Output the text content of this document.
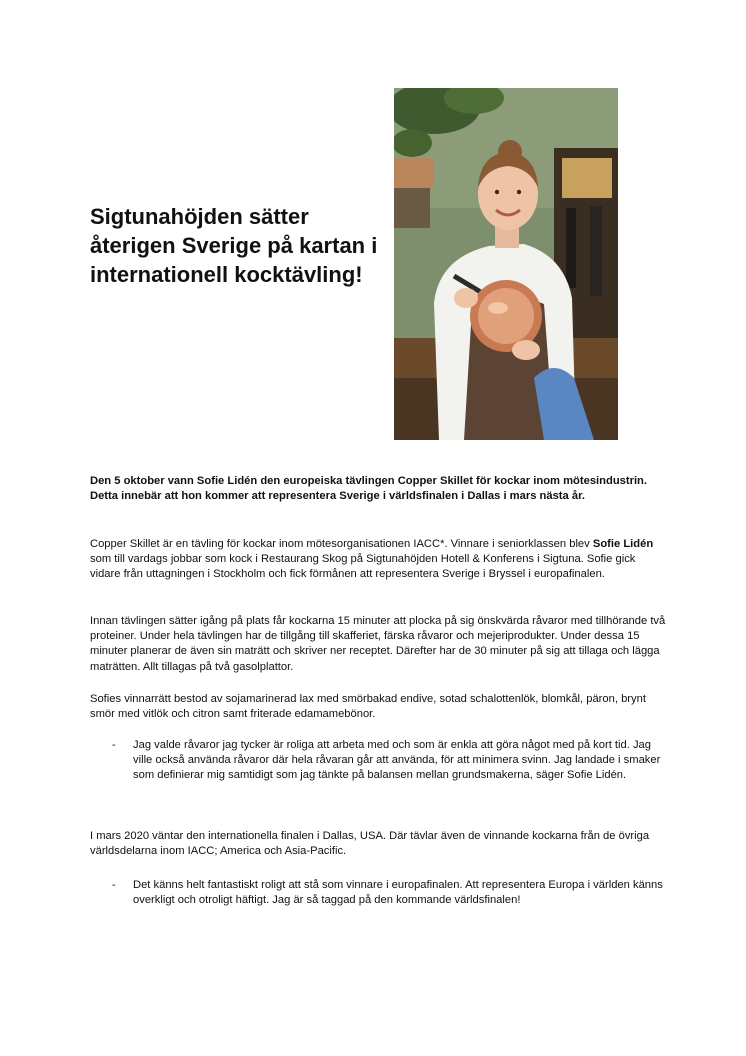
Sigtunahöjden sätter återigen Sverige på kartan i internationell kocktävling!

Den 5 oktober vann Sofie Lidén den europeiska tävlingen Copper Skillet för kockar inom mötesindustrin. Detta innebär att hon kommer att representera Sverige i världsfinalen i Dallas i mars nästa år.

Copper Skillet är en tävling för kockar inom mötesorganisationen IACC*. Vinnare i seniorklassen blev Sofie Lidén som till vardags jobbar som kock i Restaurang Skog på Sigtunahöjden Hotell & Konferens i Sigtuna. Sofie gick vidare från uttagningen i Stockholm och fick förmånen att representera Sverige i Bryssel i europafinalen.

Innan tävlingen sätter igång på plats får kockarna 15 minuter att plocka på sig önskvärda råvaror med tillhörande två proteiner. Under hela tävlingen har de tillgång till skafferiet, färska råvaror och mejeriprodukter. Under dessa 15 minuter planerar de även sin maträtt och skriver ner receptet. Därefter har de 30 minuter på sig att tillaga och lägga maträtten. Allt tillagas på två gasolplattor.

Sofies vinnarrätt bestod av sojamarinerad lax med smörbakad endive, sotad schalottenlök, blomkål, päron, brynt smör med vitlök och citron samt friterade edamamebönor.

- Jag valde råvaror jag tycker är roliga att arbeta med och som är enkla att göra något med på kort tid. Jag ville också använda råvaror där hela råvaran går att använda, för att minimera svinn. Jag landade i smaker som definierar mig samtidigt som jag tänkte på balansen mellan grundsmakerna, säger Sofie Lidén.

I mars 2020 väntar den internationella finalen i Dallas, USA. Där tävlar även de vinnande kockarna från de övriga världsdelarna inom IACC; America och Asia-Pacific.

- Det känns helt fantastiskt roligt att stå som vinnare i europafinalen. Att representera Europa i världen känns overkligt och otroligt häftigt. Jag är så taggad på den kommande världsfinalen!
